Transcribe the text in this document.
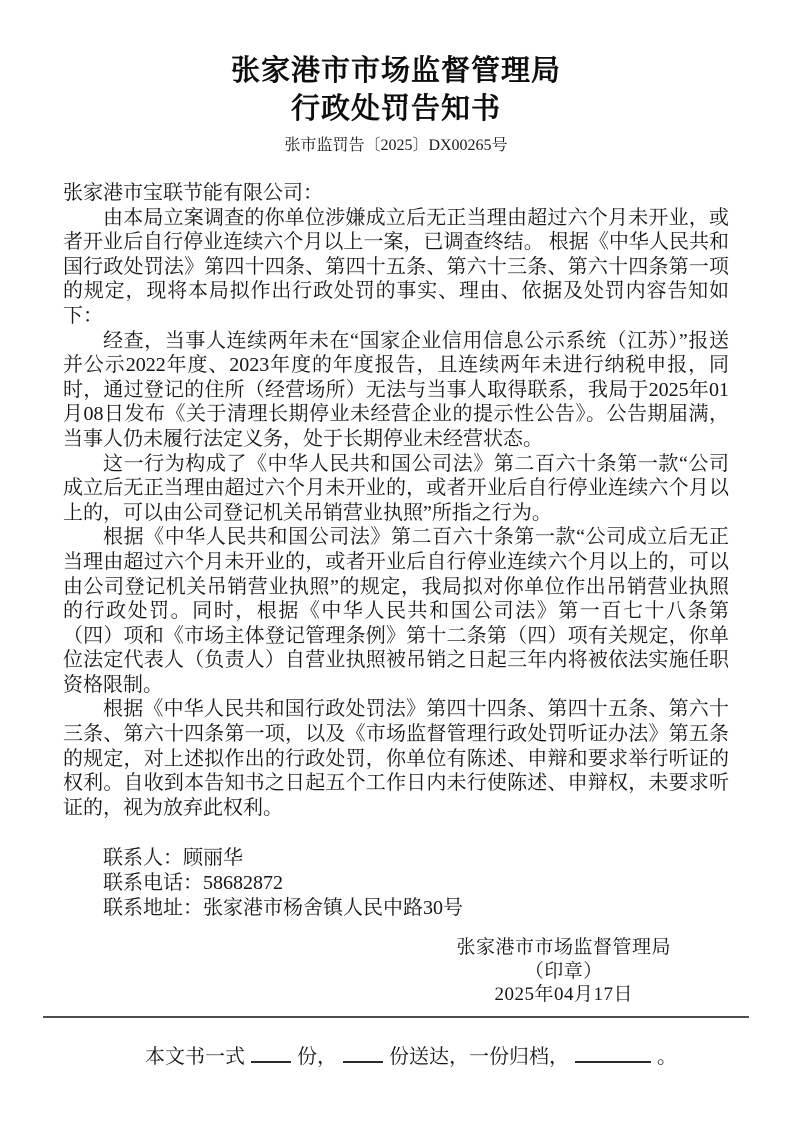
张家港市市场监督管理局
行政处罚告知书
张市监罚告〔2025〕DX00265号

张家港市宝联节能有限公司：

由本局立案调查的你单位涉嫌成立后无正当理由超过六个月未开业，或者开业后自行停业连续六个月以上一案，已调查终结。 根据《中华人民共和国行政处罚法》第四十四条、第四十五条、第六十三条、第六十四条第一项的规定，现将本局拟作出行政处罚的事实、理由、依据及处罚内容告知如下：

经查，当事人连续两年未在“国家企业信用信息公示系统（江苏）”报送并公示2022年度、2023年度的年度报告，且连续两年未进行纳税申报，同时，通过登记的住所（经营场所）无法与当事人取得联系，我局于2025年01月08日发布《关于清理长期停业未经营企业的提示性公告》。公告期届满，当事人仍未履行法定义务，处于长期停业未经营状态。

这一行为构成了《中华人民共和国公司法》第二百六十条第一款“公司成立后无正当理由超过六个月未开业的，或者开业后自行停业连续六个月以上的，可以由公司登记机关吊销营业执照”所指之行为。

根据《中华人民共和国公司法》第二百六十条第一款“公司成立后无正当理由超过六个月未开业的，或者开业后自行停业连续六个月以上的，可以由公司登记机关吊销营业执照”的规定，我局拟对你单位作出吊销营业执照的行政处罚。同时，根据《中华人民共和国公司法》第一百七十八条第（四）项和《市场主体登记管理条例》第十二条第（四）项有关规定，你单位法定代表人（负责人）自营业执照被吊销之日起三年内将被依法实施任职资格限制。

根据《中华人民共和国行政处罚法》第四十四条、第四十五条、第六十三条、第六十四条第一项，以及《市场监督管理行政处罚听证办法》第五条的规定，对上述拟作出的行政处罚，你单位有陈述、申辩和要求举行听证的权利。自收到本告知书之日起五个工作日内未行使陈述、申辩权，未要求听证的，视为放弃此权利。

联系人：顾丽华

联系电话：58682872

联系地址：张家港市杨舍镇人民中路30号

张家港市市场监督管理局

（印章）

2025年04月17日

本文书一式	份，	份送达，一份归档，	。
